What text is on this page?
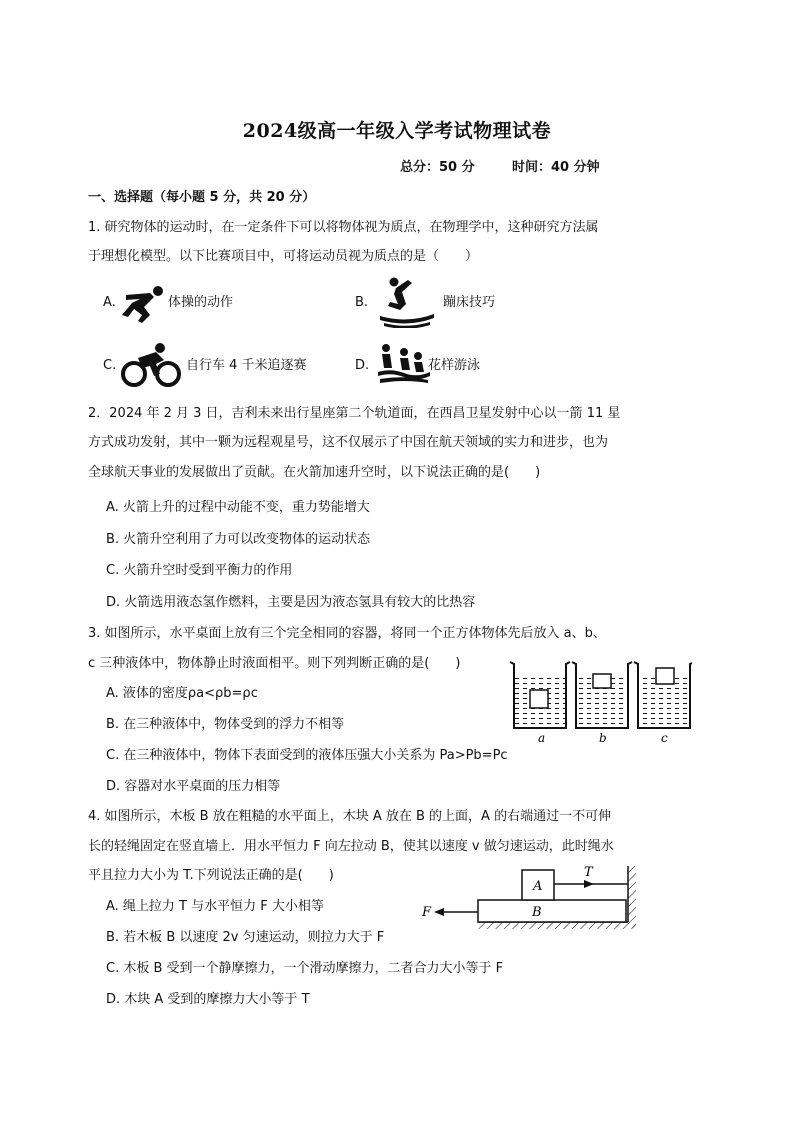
2024级高一年级入学考试物理试卷
总分：50 分	时间：40 分钟
一、选择题（每小题 5 分，共 20 分）
1. 研究物体的运动时，在一定条件下可以将物体视为质点，在物理学中，这种研究方法属
于理想化模型。以下比赛项目中，可将运动员视为质点的是（　　）
A.	体操的动作	B.	蹦床技巧
C.	自行车 4 千米追逐赛	D.	花样游泳
2．2024 年 2 月 3 日，吉利未来出行星座第二个轨道面，在西昌卫星发射中心以一箭 11 星
方式成功发射，其中一颗为远程观星号，这不仅展示了中国在航天领域的实力和进步，也为
全球航天事业的发展做出了贡献。在火箭加速升空时，以下说法正确的是(　　)
A. 火箭上升的过程中动能不变，重力势能增大
B. 火箭升空利用了力可以改变物体的运动状态
C. 火箭升空时受到平衡力的作用
D. 火箭选用液态氢作燃料，主要是因为液态氢具有较大的比热容
3. 如图所示，水平桌面上放有三个完全相同的容器，将同一个正方体物体先后放入 a、b、
c 三种液体中，物体静止时液面相平。则下列判断正确的是(　　)
A. 液体的密度ρa<ρb=ρc
B. 在三种液体中，物体受到的浮力不相等
C. 在三种液体中，物体下表面受到的液体压强大小关系为 Pa>Pb=Pc
D. 容器对水平桌面的压力相等
a	b	c
4. 如图所示，木板 B 放在粗糙的水平面上，木块 A 放在 B 的上面，A 的右端通过一不可伸
长的轻绳固定在竖直墙上．用水平恒力 F 向左拉动 B，使其以速度 v 做匀速运动，此时绳水
平且拉力大小为 T.下列说法正确的是(　　)
A. 绳上拉力 T 与水平恒力 F 大小相等
B. 若木板 B 以速度 2v 匀速运动，则拉力大于 F
C. 木板 B 受到一个静摩擦力，一个滑动摩擦力，二者合力大小等于 F
D. 木块 A 受到的摩擦力大小等于 T
A
B
F
T
